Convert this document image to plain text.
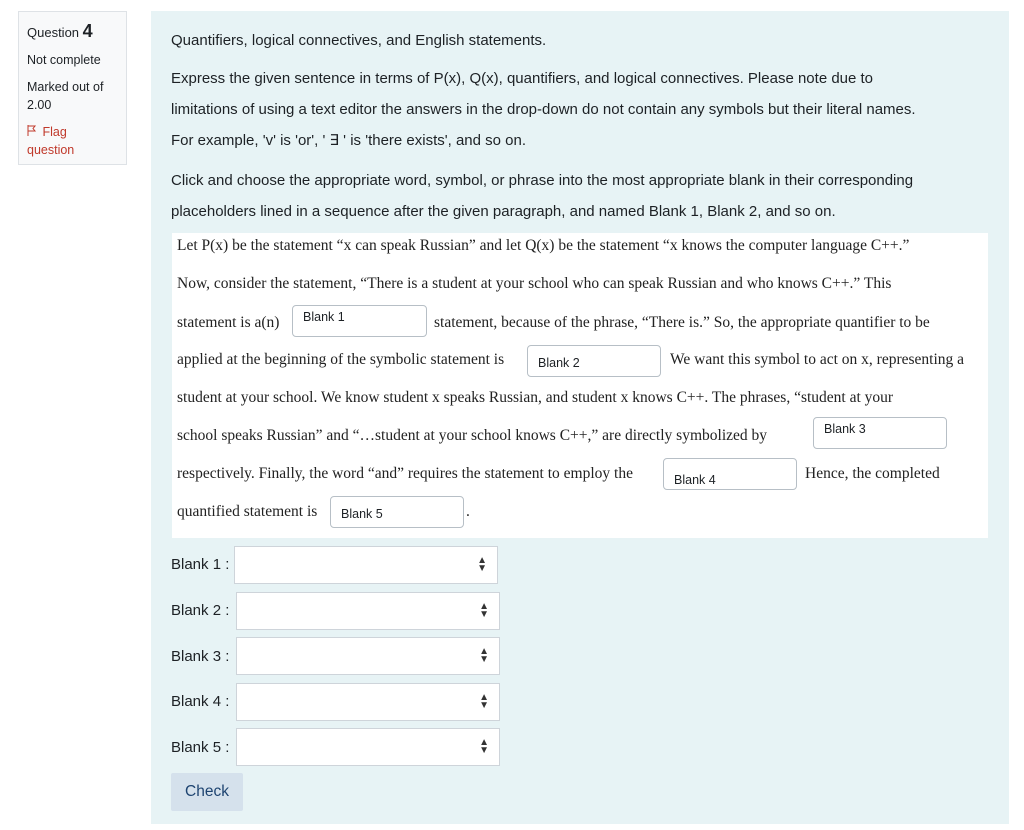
Question 4
Not complete
Marked out of
2.00
Flag
question
Quantifiers, logical connectives, and English statements.
Express the given sentence in terms of P(x), Q(x), quantifiers, and logical connectives. Please note due to
limitations of using a text editor the answers in the drop-down do not contain any symbols but their literal names.
For example, 'v' is 'or', ' ∃ ' is 'there exists', and so on.
Click and choose the appropriate word, symbol, or phrase into the most appropriate blank in their corresponding
placeholders lined in a sequence after the given paragraph, and named Blank 1, Blank 2, and so on.
Let P(x) be the statement “x can speak Russian” and let Q(x) be the statement “x knows the computer language C++.”
Now, consider the statement, “There is a student at your school who can speak Russian and who knows C++.” This
statement is a(n)	Blank 1	statement, because of the phrase, “There is.” So, the appropriate quantifier to be
applied at the beginning of the symbolic statement is	Blank 2	We want this symbol to act on x, representing a
student at your school. We know student x speaks Russian, and student x knows C++. The phrases, “student at your
school speaks Russian” and “…student at your school knows C++,” are directly symbolized by	Blank 3
respectively. Finally, the word “and” requires the statement to employ the	Blank 4	Hence, the completed
quantified statement is	Blank 5	.
Blank 1 :	▲
▼
Blank 2 :	▲
▼
Blank 3 :	▲
▼
Blank 4 :	▲
▼
Blank 5 :	▲
▼
Check
